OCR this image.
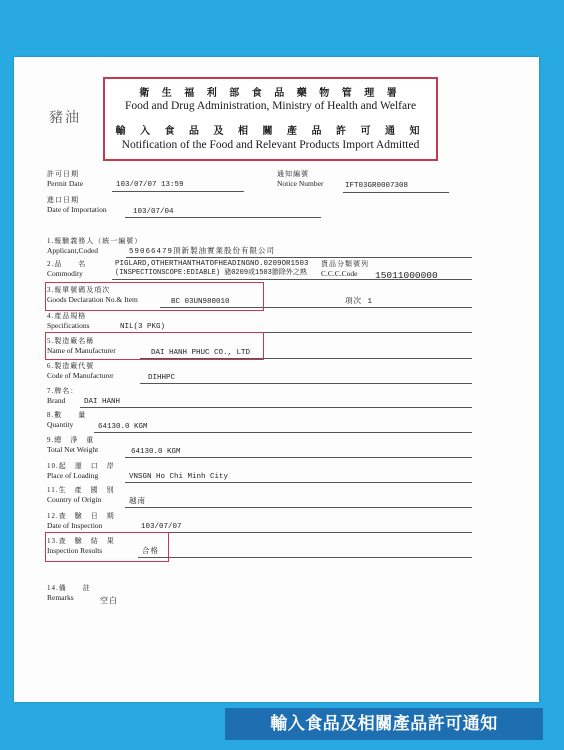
豬油
衛 生 福 利 部 食 品 藥 物 管 理 署
Food and Drug Administration, Ministry of Health and Welfare
輸 入 食 品 及 相 關 產 品 許 可 通 知
Notification of the Food and Relevant Products Import Admitted
許可日期
Permit Date	103/07/07 13:59
通知編號
Notice Number	IFT03GR0007308
進口日期
Date of Importation	103/07/04
1.報驗義務人（統一編號）
Applicant,Coded	59066479頂新製油實業股份有限公司
2.品　　名
Commodity
PIGLARD,OTHERTHANTHATOFHEADINGNO.0209OR1503
(INSPECTIONSCOPE:EDIABLE) 豬0209或1503節除外之熟
貨品分類號列
C.C.C.Code 15011000000
3.報單號碼及項次
Goods Declaration No.& Item	BC 03UN980010	項次 1
4.產品規格
Specifications	NIL(3 PKG)
5.製造廠名稱
Name of Manufacturer	DAI HANH PHUC CO., LTD
6.製造廠代號
Code of Manufacturer	DIHHPC
7.牌名：
Brand DAI HANH
8.數　　量
Quantity	64130.0 KGM
9.總　淨　重
Total Net Weight	64130.0 KGM
10.起　運　口　岸
Place of Loading	VNSGN Ho Chi Minh City
11.生　產　國　別
Country of Origin	越南
12.查　驗　日　期
Date of Inspection	103/07/07
13.查　驗　結　果
Inspection Results	合格
14.備　　註
Remarks	空白
輸入食品及相關產品許可通知
